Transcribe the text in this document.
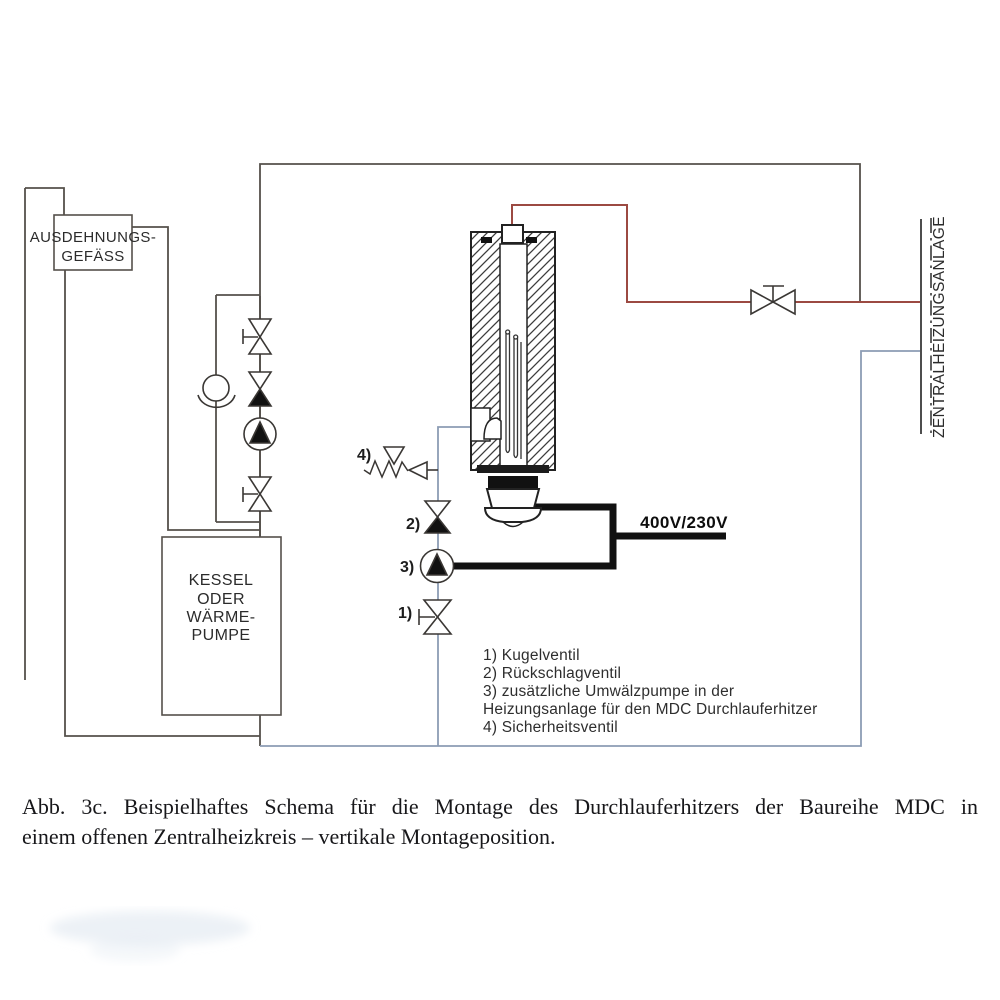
AUSDEHNUNGS-
GEFÄSS
KESSEL
ODER
WÄRME-
PUMPE
ZENTRALHEIZUNGSANLAGE
400V/230V
4)
2)
3)
1)
1) Kugelventil
2) Rückschlagventil
3) zusätzliche Umwälzpumpe in der
Heizungsanlage für den MDC Durchlauferhitzer
4) Sicherheitsventil
Abb. 3c. Beispielhaftes Schema für die Montage des Durchlauferhitzers der Baureihe MDC in
einem offenen Zentralheizkreis – vertikale Montageposition.
